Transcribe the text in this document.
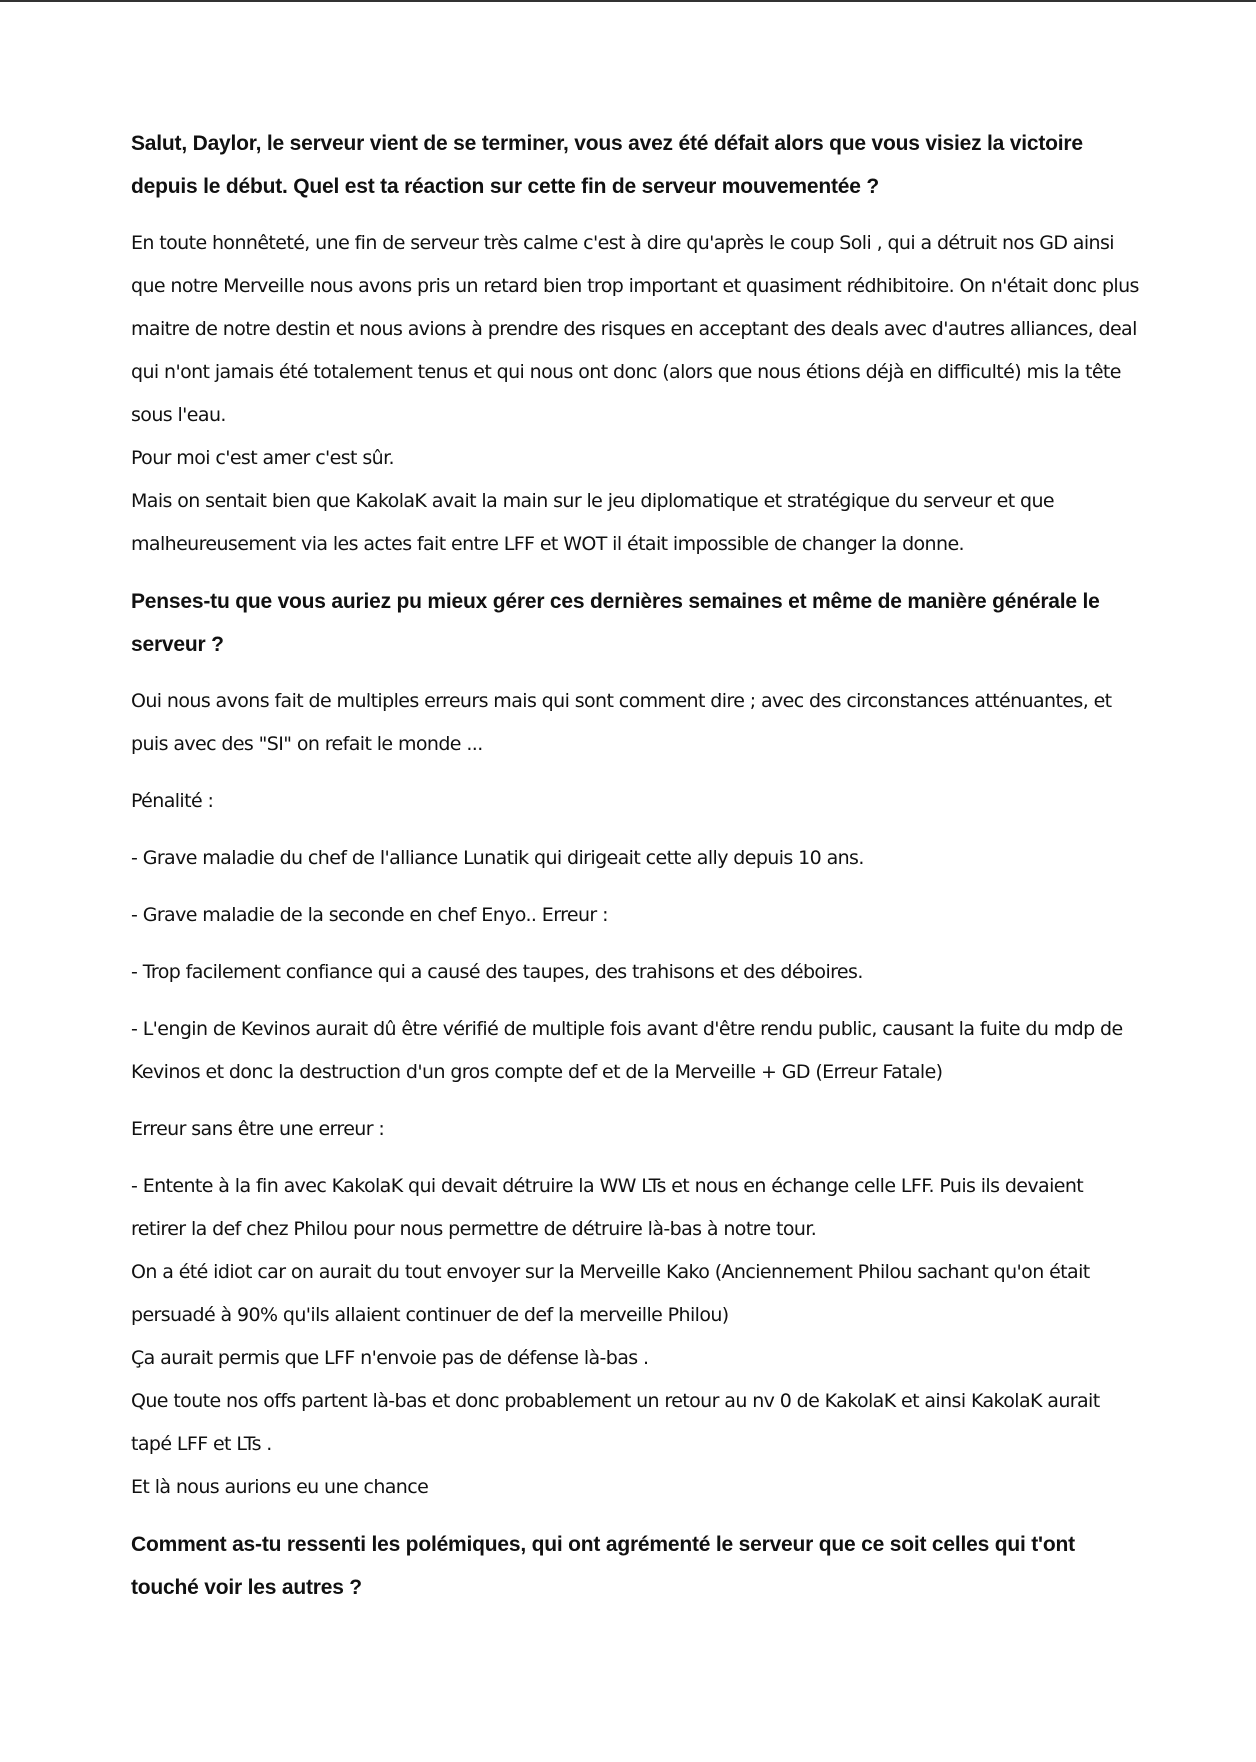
Salut, Daylor, le serveur vient de se terminer, vous avez été défait alors que vous visiez la victoire depuis le début. Quel est ta réaction sur cette fin de serveur mouvementée ?

En toute honnêteté, une fin de serveur très calme c'est à dire qu'après le coup Soli , qui a détruit nos GD ainsi que notre Merveille nous avons pris un retard bien trop important et quasiment rédhibitoire. On n'était donc plus maitre de notre destin et nous avions à prendre des risques en acceptant des deals avec d'autres alliances, deal qui n'ont jamais été totalement tenus et qui nous ont donc (alors que nous étions déjà en difficulté) mis la tête sous l'eau.

Pour moi c'est amer c'est sûr.

Mais on sentait bien que KakolaK avait la main sur le jeu diplomatique et stratégique du serveur et que malheureusement via les actes fait entre LFF et WOT il était impossible de changer la donne.

Penses-tu que vous auriez pu mieux gérer ces dernières semaines et même de manière générale le serveur ?

Oui nous avons fait de multiples erreurs mais qui sont comment dire ; avec des circonstances atténuantes, et puis avec des "SI" on refait le monde ...

Pénalité :

- Grave maladie du chef de l'alliance Lunatik qui dirigeait cette ally depuis 10 ans.

- Grave maladie de la seconde en chef Enyo.. Erreur :

- Trop facilement confiance qui a causé des taupes, des trahisons et des déboires.

- L'engin de Kevinos aurait dû être vérifié de multiple fois avant d'être rendu public, causant la fuite du mdp de Kevinos et donc la destruction d'un gros compte def et de la Merveille + GD (Erreur Fatale)

Erreur sans être une erreur :

- Entente à la fin avec KakolaK qui devait détruire la WW LTs et nous en échange celle LFF. Puis ils devaient retirer la def chez Philou pour nous permettre de détruire là-bas à notre tour.

On a été idiot car on aurait du tout envoyer sur la Merveille Kako (Anciennement Philou sachant qu'on était persuadé à 90% qu'ils allaient continuer de def la merveille Philou)

Ça aurait permis que LFF n'envoie pas de défense là-bas .

Que toute nos offs partent là-bas et donc probablement un retour au nv 0 de KakolaK et ainsi KakolaK aurait tapé LFF et LTs .

Et là nous aurions eu une chance

Comment as-tu ressenti les polémiques, qui ont agrémenté le serveur que ce soit celles qui t'ont touché voir les autres ?
